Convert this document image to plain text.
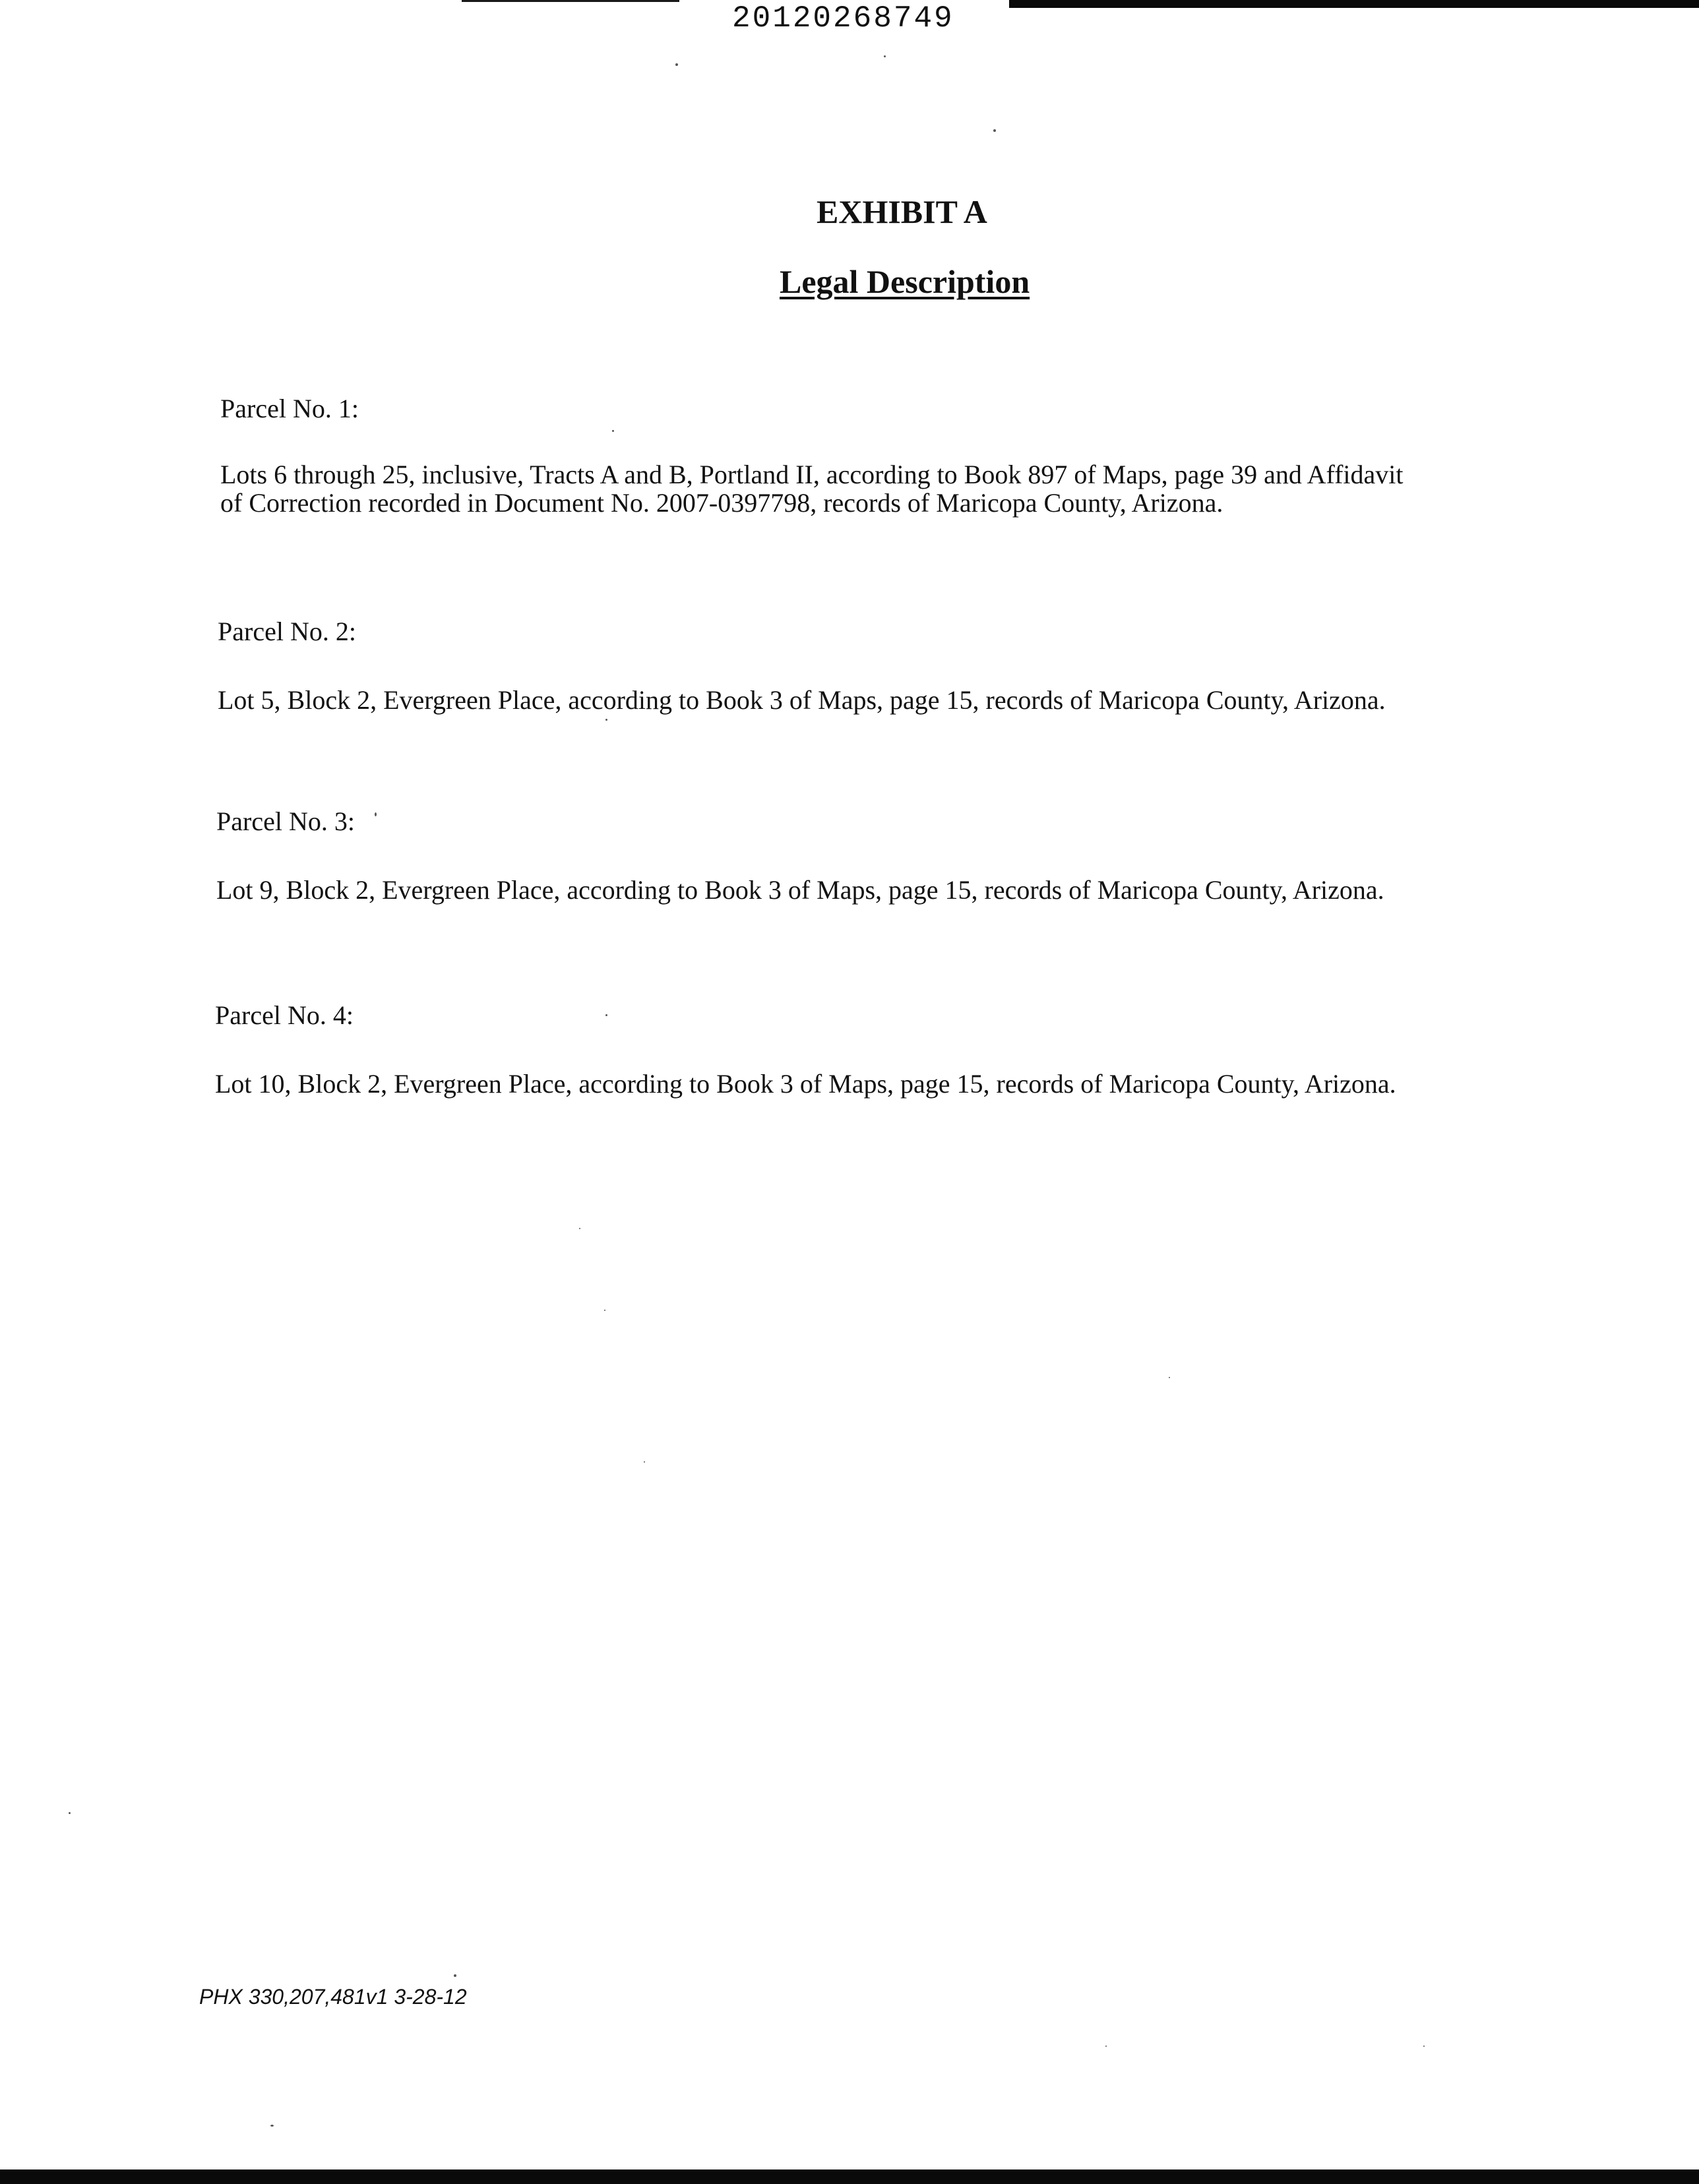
20120268749
EXHIBIT A
Legal Description
Parcel No. 1:
Lots 6 through 25, inclusive, Tracts A and B, Portland II, according to Book 897 of Maps, page 39 and Affidavit
of Correction recorded in Document No. 2007-0397798, records of Maricopa County, Arizona.
Parcel No. 2:
Lot 5, Block 2, Evergreen Place, according to Book 3 of Maps, page 15, records of Maricopa County, Arizona.
Parcel No. 3:
Lot 9, Block 2, Evergreen Place, according to Book 3 of Maps, page 15, records of Maricopa County, Arizona.
Parcel No. 4:
Lot 10, Block 2, Evergreen Place, according to Book 3 of Maps, page 15, records of Maricopa County, Arizona.
PHX 330,207,481v1 3-28-12
